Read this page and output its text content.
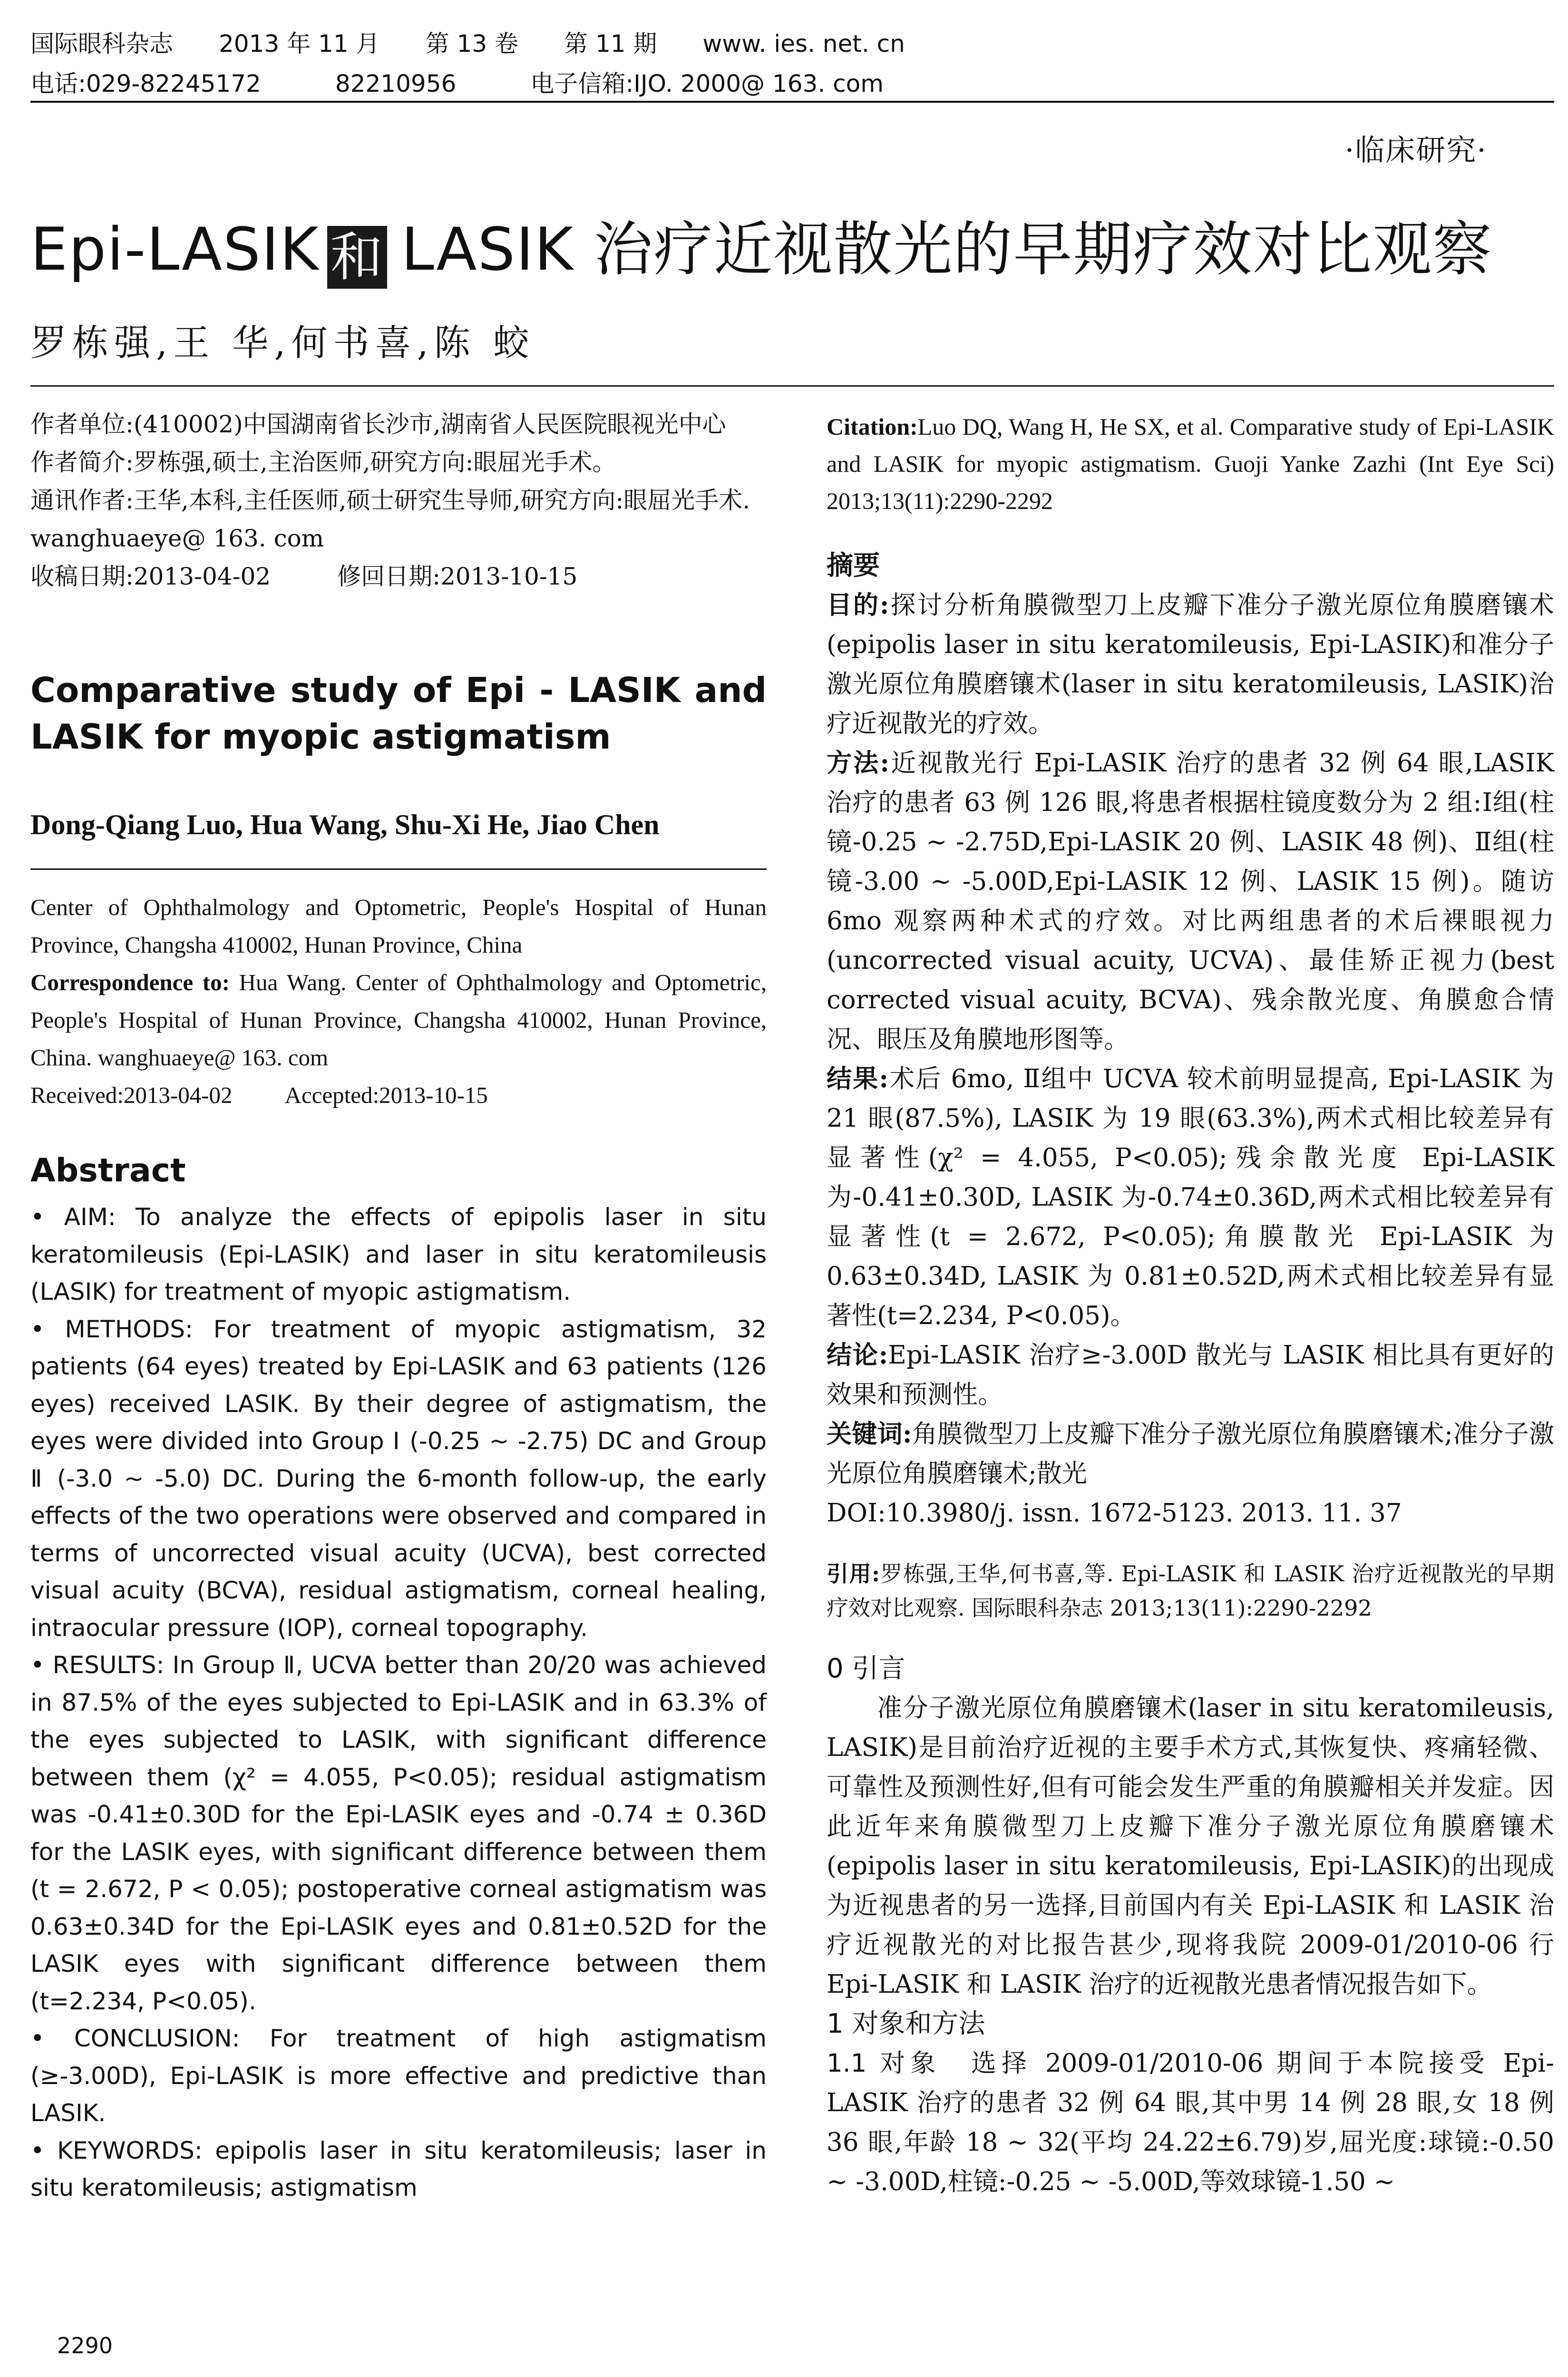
国际眼科杂志 2013 年 11 月 第 13 卷 第 11 期 www. ies. net. cn
电话:029-82245172	82210956	电子信箱:IJO. 2000@ 163. com
·临床研究·
Epi-LASIK 和 LASIK 治疗近视散光的早期疗效对比观察
罗栋强,王 华,何书喜,陈 蛟

作者单位:(410002)中国湖南省长沙市,湖南省人民医院眼视光中心

作者简介:罗栋强,硕士,主治医师,研究方向:眼屈光手术。

通讯作者:王华,本科,主任医师,硕士研究生导师,研究方向:眼屈光手术. wanghuaeye@ 163. com

收稿日期:2013-04-02	修回日期:2013-10-15

Comparative study of Epi - LASIK and
LASIK for myopic astigmatism
Dong-Qiang Luo, Hua Wang, Shu-Xi He, Jiao Chen

Center of Ophthalmology and Optometric, People's Hospital of Hunan Province, Changsha 410002, Hunan Province, China

Correspondence to: Hua Wang. Center of Ophthalmology and Optometric, People's Hospital of Hunan Province, Changsha 410002, Hunan Province, China. wanghuaeye@ 163. com

Received:2013-04-02 Accepted:2013-10-15

Abstract

• AIM: To analyze the effects of epipolis laser in situ keratomileusis (Epi-LASIK) and laser in situ keratomileusis (LASIK) for treatment of myopic astigmatism.

• METHODS: For treatment of myopic astigmatism, 32 patients (64 eyes) treated by Epi-LASIK and 63 patients (126 eyes) received LASIK. By their degree of astigmatism, the eyes were divided into Group Ⅰ (-0.25 ~ -2.75) DC and Group Ⅱ (-3.0 ~ -5.0) DC. During the 6-month follow-up, the early effects of the two operations were observed and compared in terms of uncorrected visual acuity (UCVA), best corrected visual acuity (BCVA), residual astigmatism, corneal healing, intraocular pressure (IOP), corneal topography.

• RESULTS: In Group Ⅱ, UCVA better than 20/20 was achieved in 87.5% of the eyes subjected to Epi-LASIK and in 63.3% of the eyes subjected to LASIK, with significant difference between them (χ² = 4.055, P<0.05); residual astigmatism was -0.41±0.30D for the Epi-LASIK eyes and -0.74 ± 0.36D for the LASIK eyes, with significant difference between them (t = 2.672, P < 0.05); postoperative corneal astigmatism was 0.63±0.34D for the Epi-LASIK eyes and 0.81±0.52D for the LASIK eyes with significant difference between them (t=2.234, P<0.05).

• CONCLUSION: For treatment of high astigmatism (≥-3.00D), Epi-LASIK is more effective and predictive than LASIK.

• KEYWORDS: epipolis laser in situ keratomileusis; laser in situ keratomileusis; astigmatism

Citation:Luo DQ, Wang H, He SX, et al. Comparative study of Epi-LASIK and LASIK for myopic astigmatism. Guoji Yanke Zazhi (Int Eye Sci) 2013;13(11):2290-2292

摘要

目的:探讨分析角膜微型刀上皮瓣下准分子激光原位角膜磨镶术(epipolis laser in situ keratomileusis, Epi-LASIK)和准分子激光原位角膜磨镶术(laser in situ keratomileusis, LASIK)治疗近视散光的疗效。

方法:近视散光行 Epi-LASIK 治疗的患者 32 例 64 眼,LASIK 治疗的患者 63 例 126 眼,将患者根据柱镜度数分为 2 组:Ⅰ组(柱镜-0.25 ~ -2.75D,Epi-LASIK 20 例、LASIK 48 例)、Ⅱ组(柱镜-3.00 ~ -5.00D,Epi-LASIK 12 例、LASIK 15 例)。随访 6mo 观察两种术式的疗效。对比两组患者的术后裸眼视力(uncorrected visual acuity, UCVA)、最佳矫正视力(best corrected visual acuity, BCVA)、残余散光度、角膜愈合情况、眼压及角膜地形图等。

结果:术后 6mo, Ⅱ组中 UCVA 较术前明显提高, Epi-LASIK 为 21 眼(87.5%), LASIK 为 19 眼(63.3%),两术式相比较差异有显著性(χ² = 4.055, P<0.05);残余散光度 Epi-LASIK 为-0.41±0.30D, LASIK 为-0.74±0.36D,两术式相比较差异有显著性(t = 2.672, P<0.05);角膜散光 Epi-LASIK 为 0.63±0.34D, LASIK 为 0.81±0.52D,两术式相比较差异有显著性(t=2.234, P<0.05)。

结论:Epi-LASIK 治疗≥-3.00D 散光与 LASIK 相比具有更好的效果和预测性。

关键词:角膜微型刀上皮瓣下准分子激光原位角膜磨镶术;准分子激光原位角膜磨镶术;散光

DOI:10.3980/j. issn. 1672-5123. 2013. 11. 37

引用:罗栋强,王华,何书喜,等. Epi-LASIK 和 LASIK 治疗近视散光的早期疗效对比观察. 国际眼科杂志 2013;13(11):2290-2292

0 引言

准分子激光原位角膜磨镶术(laser in situ keratomileusis, LASIK)是目前治疗近视的主要手术方式,其恢复快、疼痛轻微、可靠性及预测性好,但有可能会发生严重的角膜瓣相关并发症。因此近年来角膜微型刀上皮瓣下准分子激光原位角膜磨镶术(epipolis laser in situ keratomileusis, Epi-LASIK)的出现成为近视患者的另一选择,目前国内有关 Epi-LASIK 和 LASIK 治疗近视散光的对比报告甚少,现将我院 2009-01/2010-06 行 Epi-LASIK 和 LASIK 治疗的近视散光患者情况报告如下。

1 对象和方法

1.1 对象 选择 2009-01/2010-06 期间于本院接受 Epi-LASIK 治疗的患者 32 例 64 眼,其中男 14 例 28 眼,女 18 例 36 眼,年龄 18 ~ 32(平均 24.22±6.79)岁,屈光度:球镜:-0.50 ~ -3.00D,柱镜:-0.25 ~ -5.00D,等效球镜-1.50 ~

2290
